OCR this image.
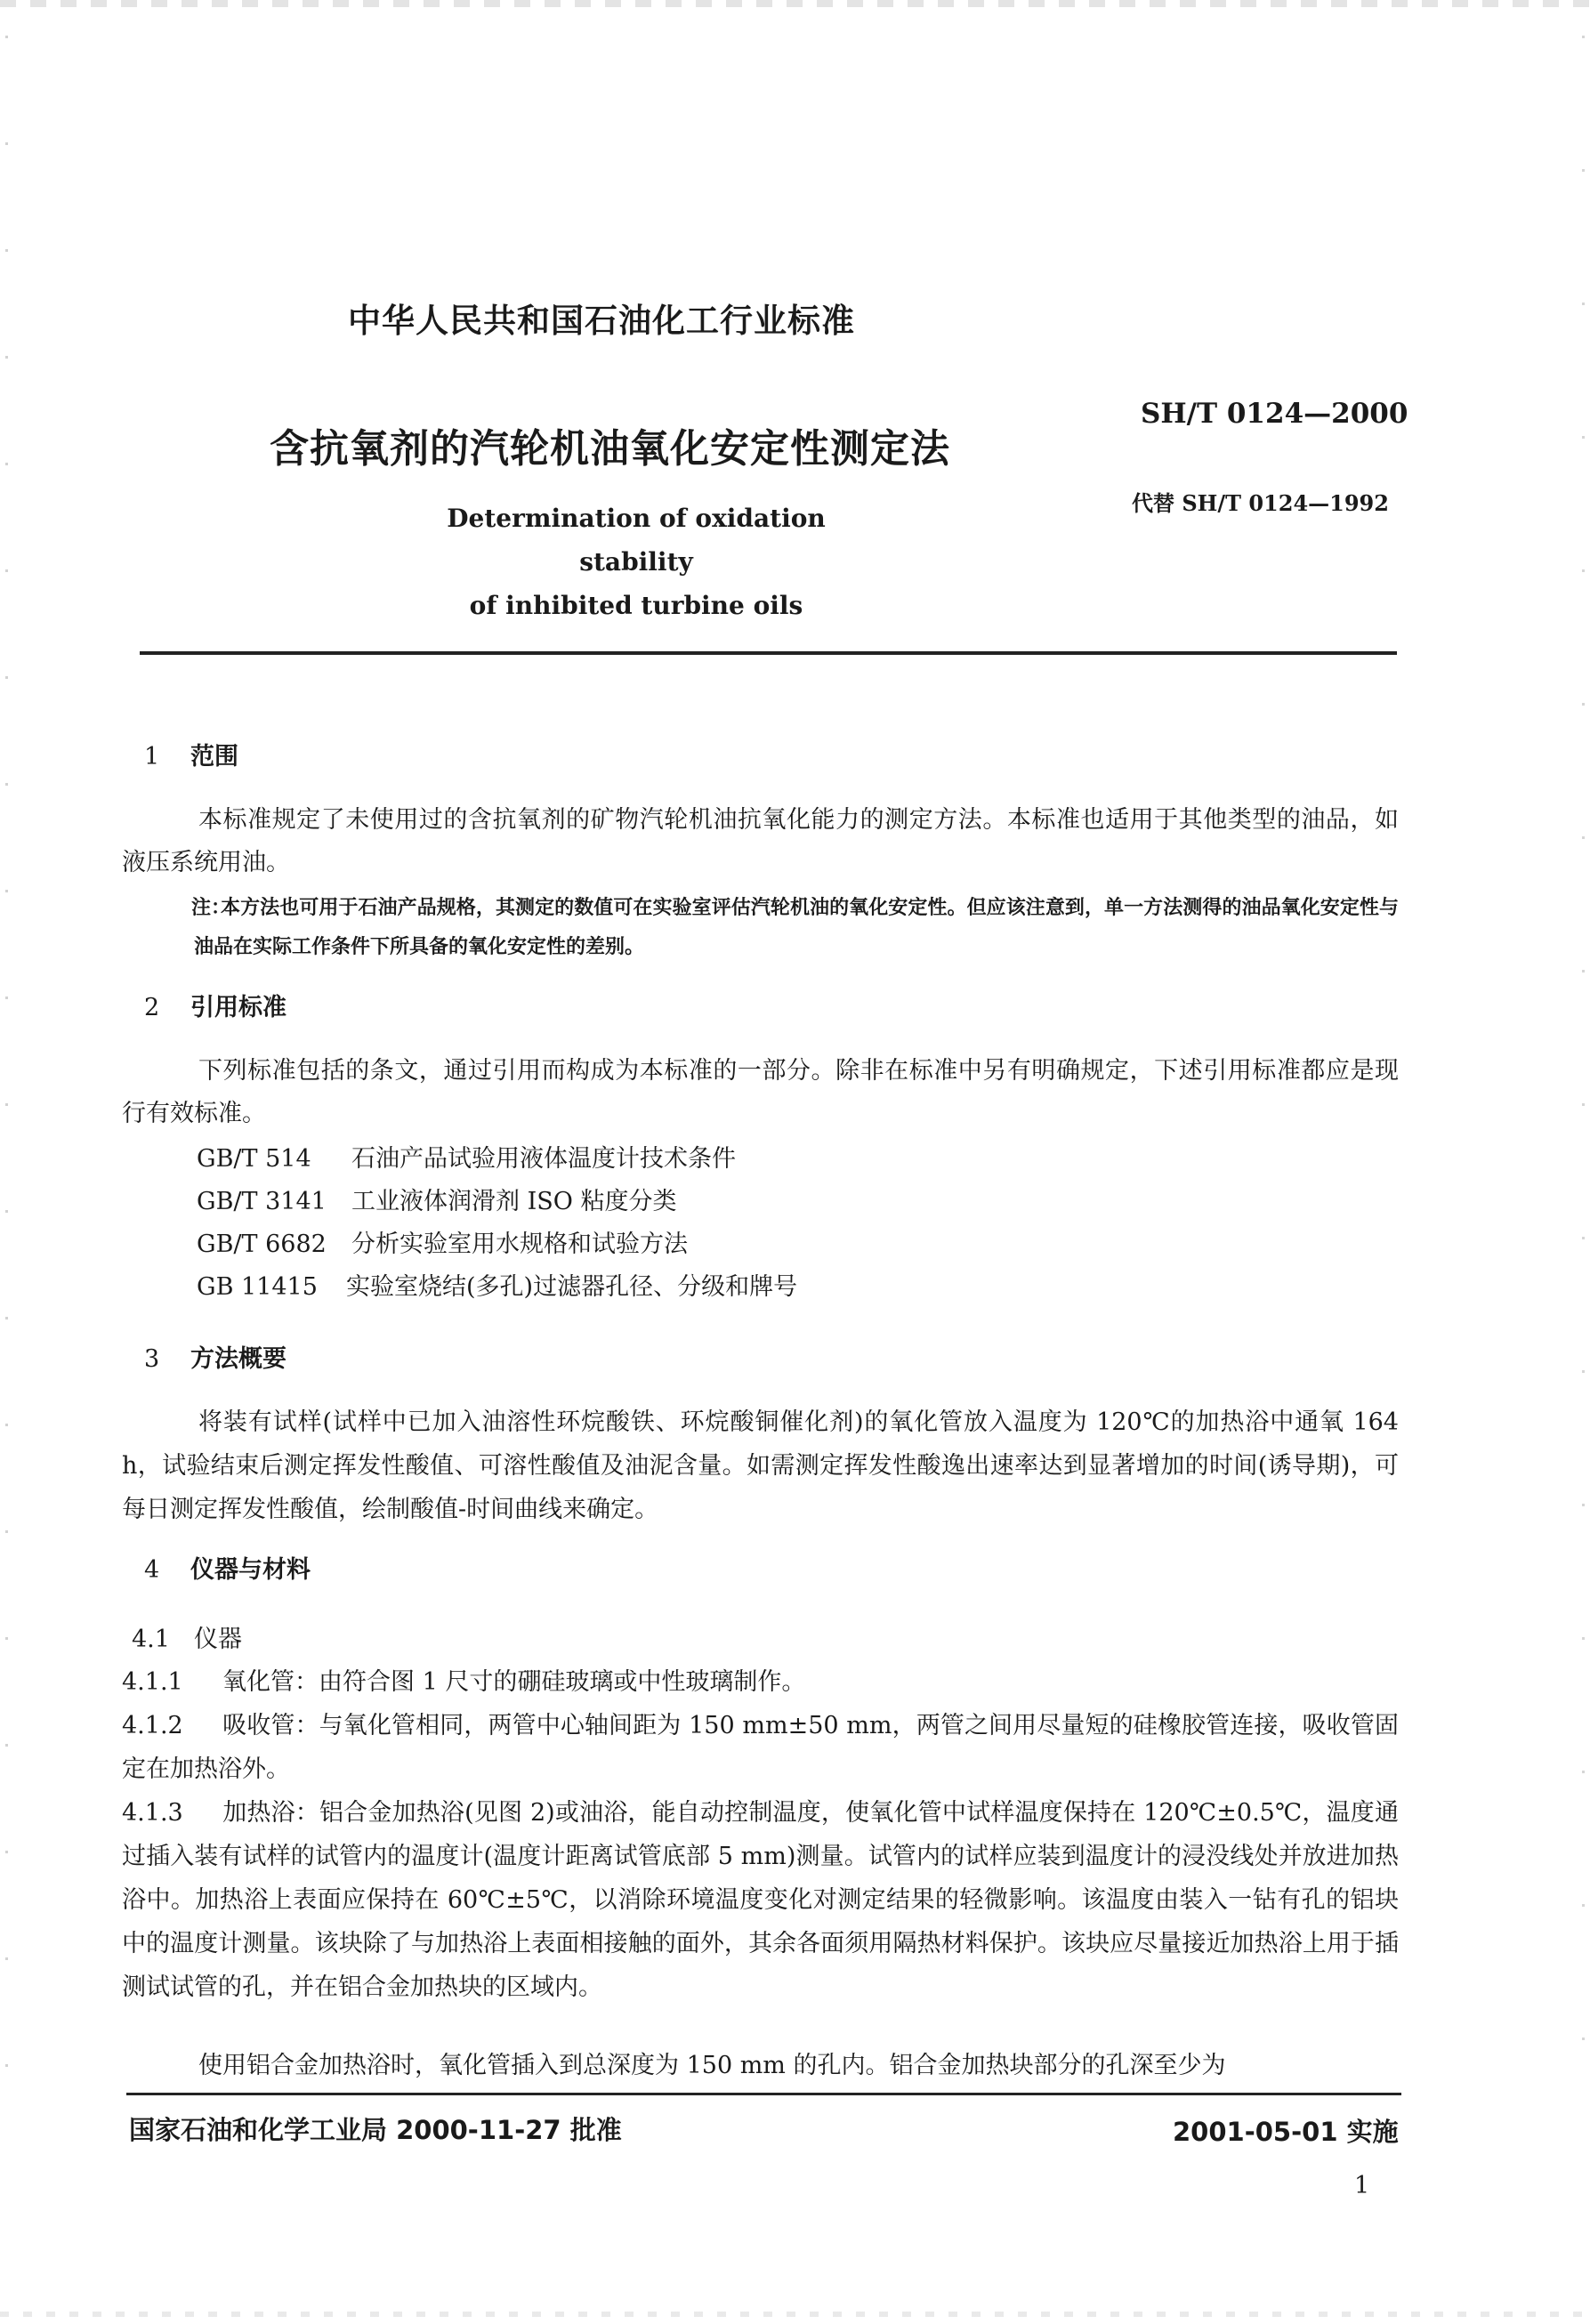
中华人民共和国石油化工行业标准
含抗氧剂的汽轮机油氧化安定性测定法
SH/T 0124—2000
Determination of oxidation stability
of inhibited turbine oils
代替 SH/T 0124—1992
1 范围
本标准规定了未使用过的含抗氧剂的矿物汽轮机油抗氧化能力的测定方法。本标准也适用于其他类型的油品，如液压系统用油。
注：
本方法也可用于石油产品规格，其测定的数值可在实验室评估汽轮机油的氧化安定性。但应该注意到，单一方法测得的油品氧化安定性与油品在实际工作条件下所具备的氧化安定性的差别。
2 引用标准
下列标准包括的条文，通过引用而构成为本标准的一部分。除非在标准中另有明确规定，下述引用标准都应是现行有效标准。
GB/T 514 石油产品试验用液体温度计技术条件
GB/T 3141 工业液体润滑剂 ISO 粘度分类
GB/T 6682 分析实验室用水规格和试验方法
GB 11415 实验室烧结(多孔)过滤器孔径、分级和牌号
3 方法概要
将装有试样(试样中已加入油溶性环烷酸铁、环烷酸铜催化剂)的氧化管放入温度为 120℃的加热浴中通氧 164 h，试验结束后测定挥发性酸值、可溶性酸值及油泥含量。如需测定挥发性酸逸出速率达到显著增加的时间(诱导期)，可每日测定挥发性酸值，绘制酸值-时间曲线来确定。
4 仪器与材料
4.1 仪器
4.1.1 氧化管：由符合图 1 尺寸的硼硅玻璃或中性玻璃制作。
4.1.2 吸收管：与氧化管相同，两管中心轴间距为 150 mm±50 mm，两管之间用尽量短的硅橡胶管连接，吸收管固定在加热浴外。
4.1.3 加热浴：铝合金加热浴(见图 2)或油浴，能自动控制温度，使氧化管中试样温度保持在 120℃±0.5℃，温度通过插入装有试样的试管内的温度计(温度计距离试管底部 5 mm)测量。试管内的试样应装到温度计的浸没线处并放进加热浴中。加热浴上表面应保持在 60℃±5℃，以消除环境温度变化对测定结果的轻微影响。该温度由装入一钻有孔的铝块中的温度计测量。该块除了与加热浴上表面相接触的面外，其余各面须用隔热材料保护。该块应尽量接近加热浴上用于插测试试管的孔，并在铝合金加热块的区域内。
使用铝合金加热浴时，氧化管插入到总深度为 150 mm 的孔内。铝合金加热块部分的孔深至少为
国家石油和化学工业局 2000-11-27 批准	2001-05-01 实施
1
